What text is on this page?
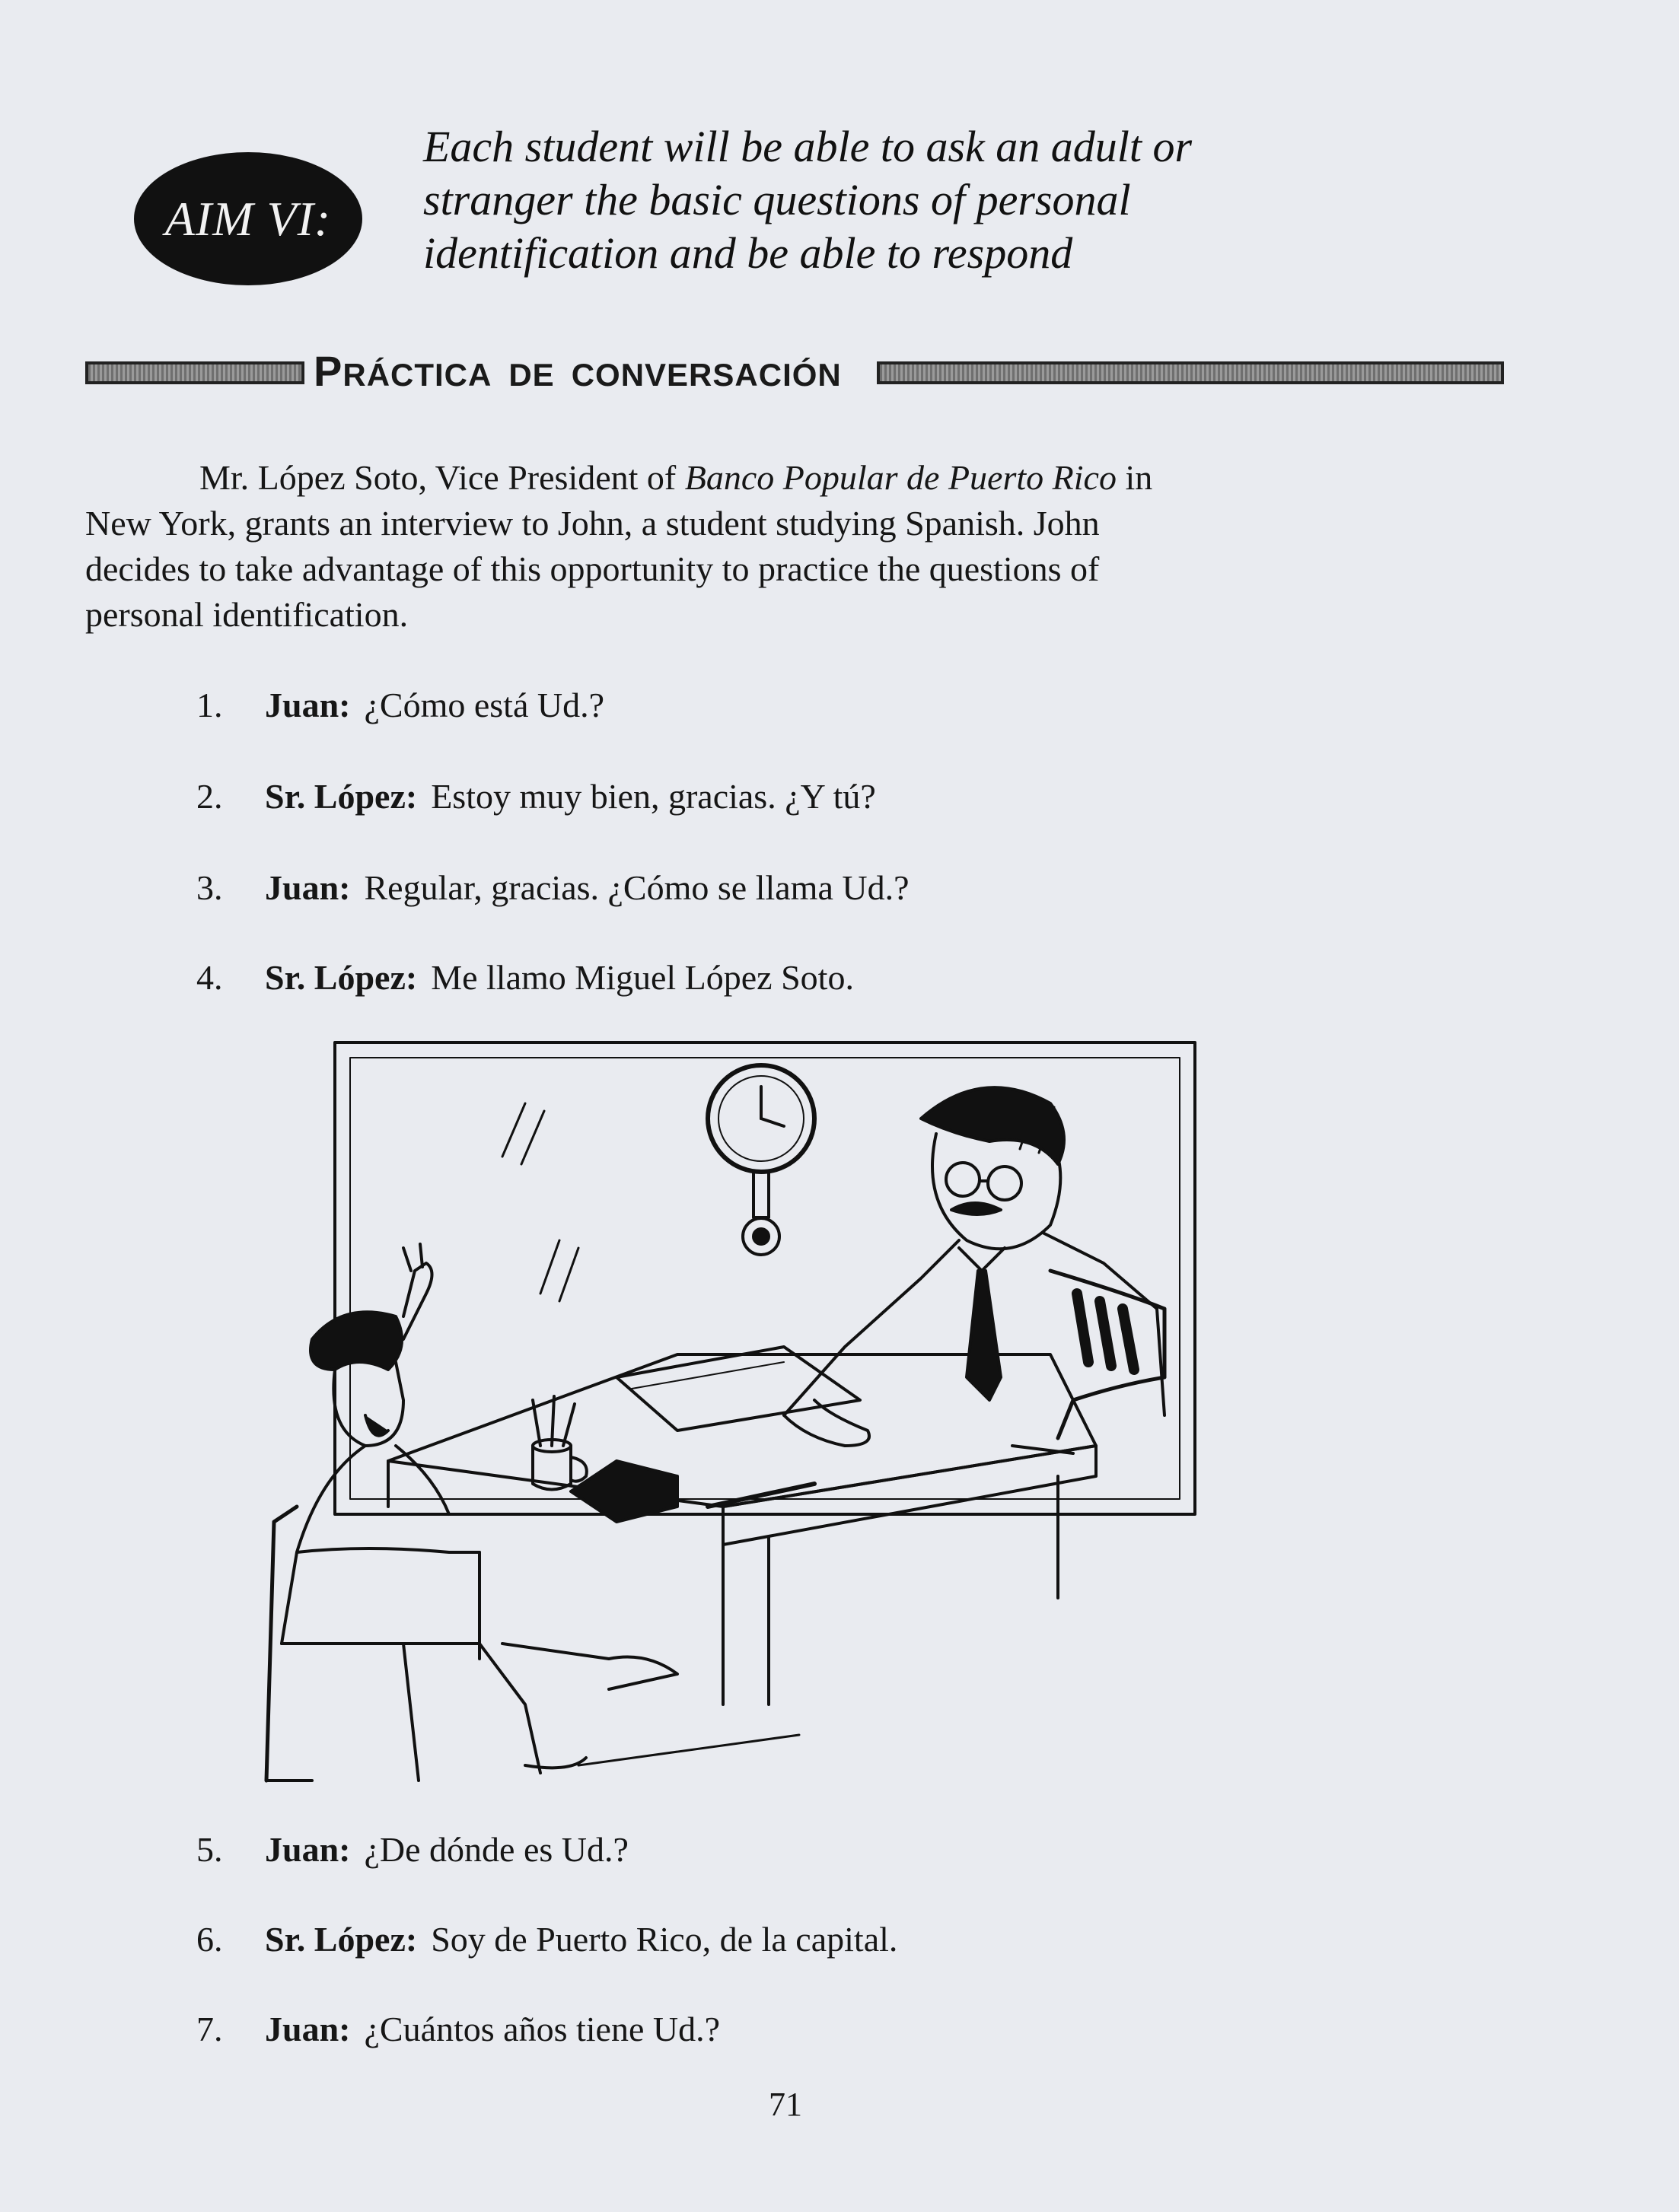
AIM VI:
Each student will be able to ask an adult or
stranger the basic questions of personal
identification and be able to respond
PRÁCTICA DE CONVERSACIÓN
Mr. López Soto, Vice President of Banco Popular de Puerto Rico in
New York, grants an interview to John, a student studying Spanish. John
decides to take advantage of this opportunity to practice the questions of
personal identification.
1. Juan: ¿Cómo está Ud.?
2. Sr. López: Estoy muy bien, gracias. ¿Y tú?
3. Juan: Regular, gracias. ¿Cómo se llama Ud.?
4. Sr. López: Me llamo Miguel López Soto.
5. Juan: ¿De dónde es Ud.?
6. Sr. López: Soy de Puerto Rico, de la capital.
7. Juan: ¿Cuántos años tiene Ud.?
71
